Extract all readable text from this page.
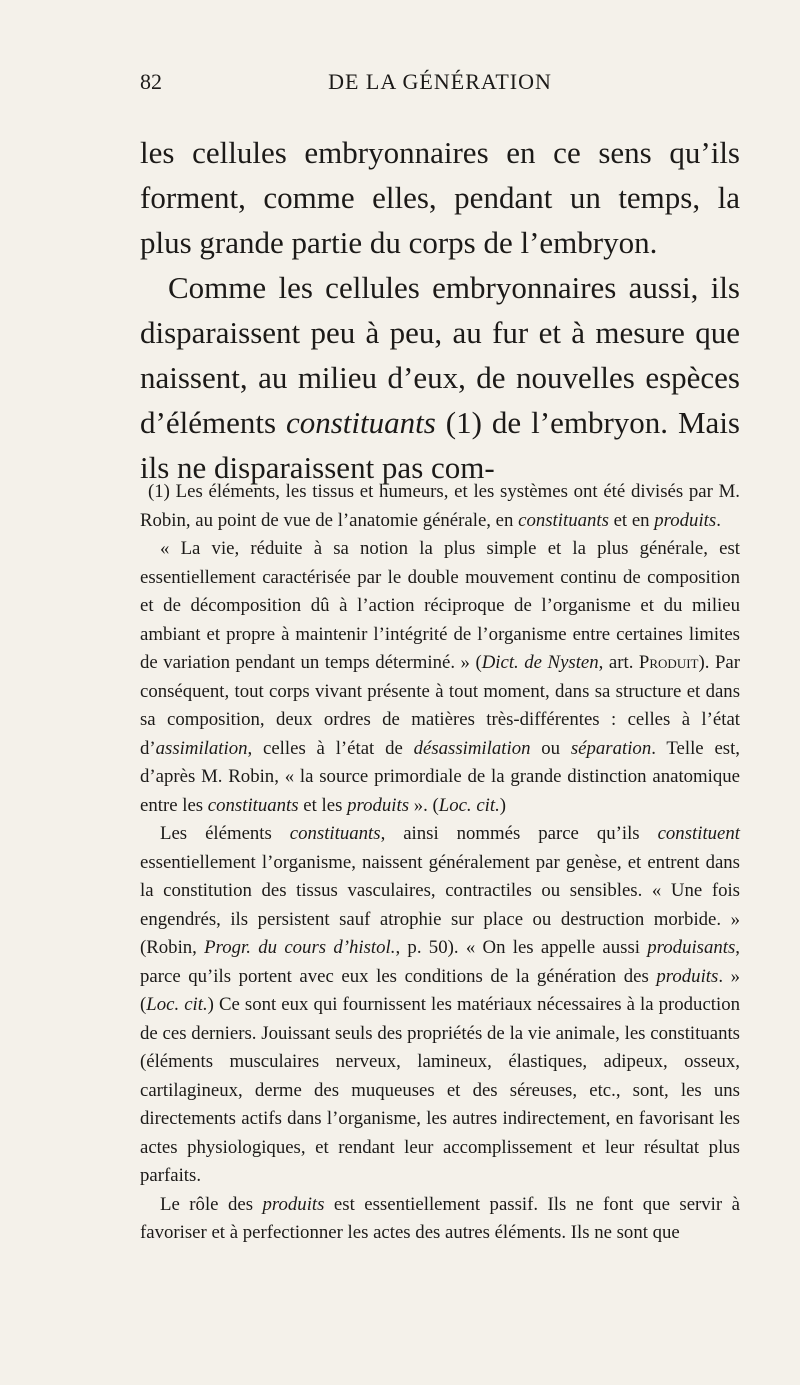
82	DE LA GÉNÉRATION

les cellules embryonnaires en ce sens qu’ils forment, comme elles, pendant un temps, la plus grande partie du corps de l’embryon.

Comme les cellules embryonnaires aussi, ils disparaissent peu à peu, au fur et à mesure que naissent, au milieu d’eux, de nouvelles espèces d’éléments constituants (1) de l’embryon. Mais ils ne disparaissent pas com-

(1) Les éléments, les tissus et humeurs, et les systèmes ont été divisés par M. Robin, au point de vue de l’anatomie générale, en constituants et en produits.

« La vie, réduite à sa notion la plus simple et la plus générale, est essentiellement caractérisée par le double mouvement continu de composition et de décomposition dû à l’action réciproque de l’organisme et du milieu ambiant et propre à maintenir l’intégrité de l’organisme entre certaines limites de variation pendant un temps déterminé. » (Dict. de Nysten, art. Produit). Par conséquent, tout corps vivant présente à tout moment, dans sa structure et dans sa composition, deux ordres de matières très-différentes : celles à l’état d’assimilation, celles à l’état de désassimilation ou séparation. Telle est, d’après M. Robin, « la source primordiale de la grande distinction anatomique entre les constituants et les produits ». (Loc. cit.)

Les éléments constituants, ainsi nommés parce qu’ils constituent essentiellement l’organisme, naissent généralement par genèse, et entrent dans la constitution des tissus vasculaires, contractiles ou sensibles. « Une fois engendrés, ils persistent sauf atrophie sur place ou destruction morbide. » (Robin, Progr. du cours d’histol., p. 50). « On les appelle aussi produisants, parce qu’ils portent avec eux les conditions de la génération des produits. » (Loc. cit.) Ce sont eux qui fournissent les matériaux nécessaires à la production de ces derniers. Jouissant seuls des propriétés de la vie animale, les constituants (éléments musculaires nerveux, lamineux, élastiques, adipeux, osseux, cartilagineux, derme des muqueuses et des séreuses, etc., sont, les uns directements actifs dans l’organisme, les autres indirectement, en favorisant les actes physiologiques, et rendant leur accomplissement et leur résultat plus parfaits.

Le rôle des produits est essentiellement passif. Ils ne font que servir à favoriser et à perfectionner les actes des autres éléments. Ils ne sont que
